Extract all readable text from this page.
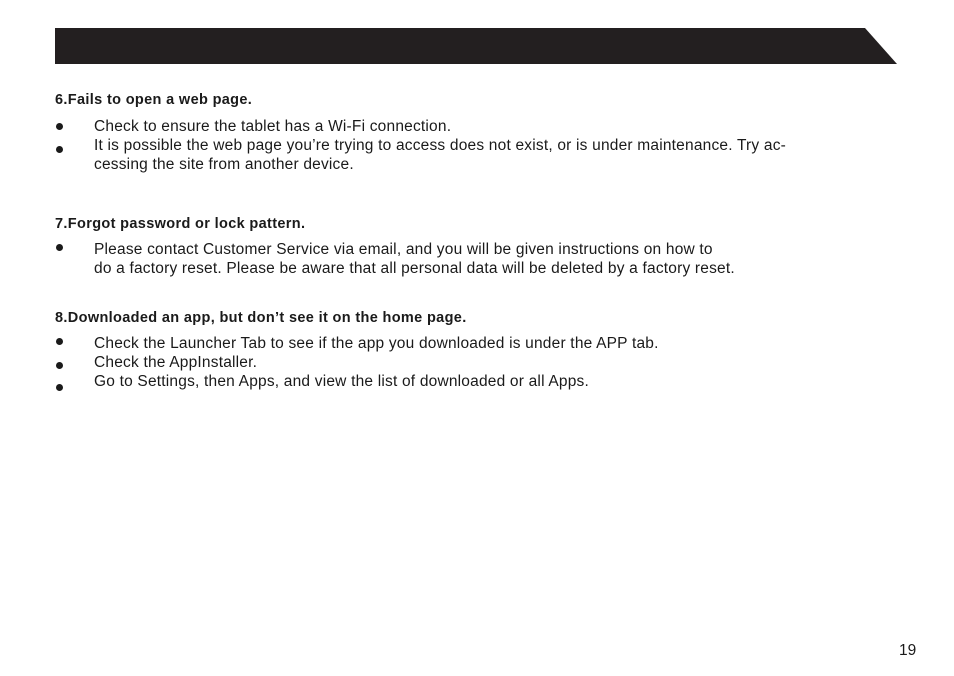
6.Fails to open a web page.
Check to ensure the tablet has a Wi-Fi connection.
It is possible the web page you’re trying to access does not exist, or is under maintenance. Try ac-
cessing the site from another device.
7.Forgot password or lock pattern.
Please contact Customer Service via email, and you will be given instructions on how to
do a factory reset. Please be aware that all personal data will be deleted by a factory reset.
8.Downloaded an app, but don’t see it on the home page.
Check the Launcher Tab to see if the app you downloaded is under the APP tab.
Check the AppInstaller.
Go to Settings, then Apps, and view the list of downloaded or all Apps.
19
